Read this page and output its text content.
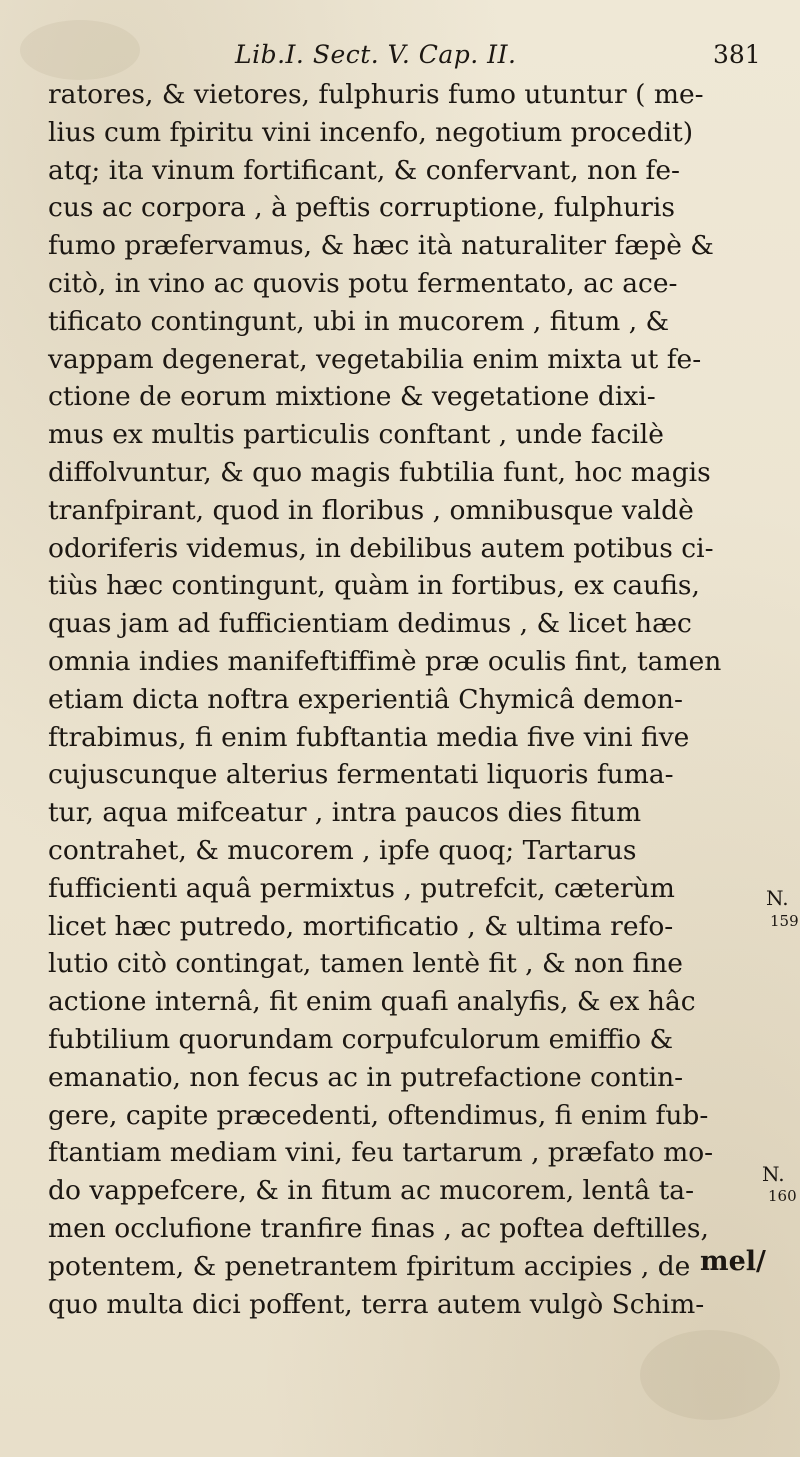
Lib.I. Sect. V. Cap. II.	381
ratores, & vietores, fulphuris fumo utuntur ( me-
lius cum fpiritu vini incenfo, negotium procedit)
atq; ita vinum fortificant, & confervant, non fe-
cus ac corpora , à peftis corruptione, fulphuris
fumo præfervamus, & hæc ità naturaliter fæpè &
citò, in vino ac quovis potu fermentato, ac ace-
tificato contingunt, ubi in mucorem , fitum , &
vappam degenerat, vegetabilia enim mixta ut fe-
ctione de eorum mixtione & vegetatione dixi-
mus ex multis particulis conftant , unde facilè
diffolvuntur, & quo magis fubtilia funt, hoc magis
tranfpirant, quod in floribus , omnibusque valdè
odoriferis videmus, in debilibus autem potibus ci-
tiùs hæc contingunt, quàm in fortibus, ex caufis,
quas jam ad fufficientiam dedimus , & licet hæc
omnia indies manifeftiffimè præ oculis fint, tamen
etiam dicta noftra experientiâ Chymicâ demon-
ftrabimus, fi enim fubftantia media five vini five
cujuscunque alterius fermentati liquoris fuma-
tur, aqua mifceatur , intra paucos dies fitum
contrahet, & mucorem , ipfe quoq; Tartarus
fufficienti aquâ permixtus , putrefcit, cæterùm
licet hæc putredo, mortificatio , & ultima refo-
lutio citò contingat, tamen lentè fit , & non fine
actione internâ, fit enim quafi analyfis, & ex hâc
fubtilium quorundam corpufculorum emiffio &
emanatio, non fecus ac in putrefactione contin-
gere, capite præcedenti, oftendimus, fi enim fub-
ftantiam mediam vini, feu tartarum , præfato mo-
do vappefcere, & in fitum ac mucorem, lentâ ta-
men occlufione tranfire finas , ac poftea deftilles,
potentem, & penetrantem fpiritum accipies , de
quo multa dici poffent, terra autem vulgò Schim-
mel/
N.
159
N.
160
